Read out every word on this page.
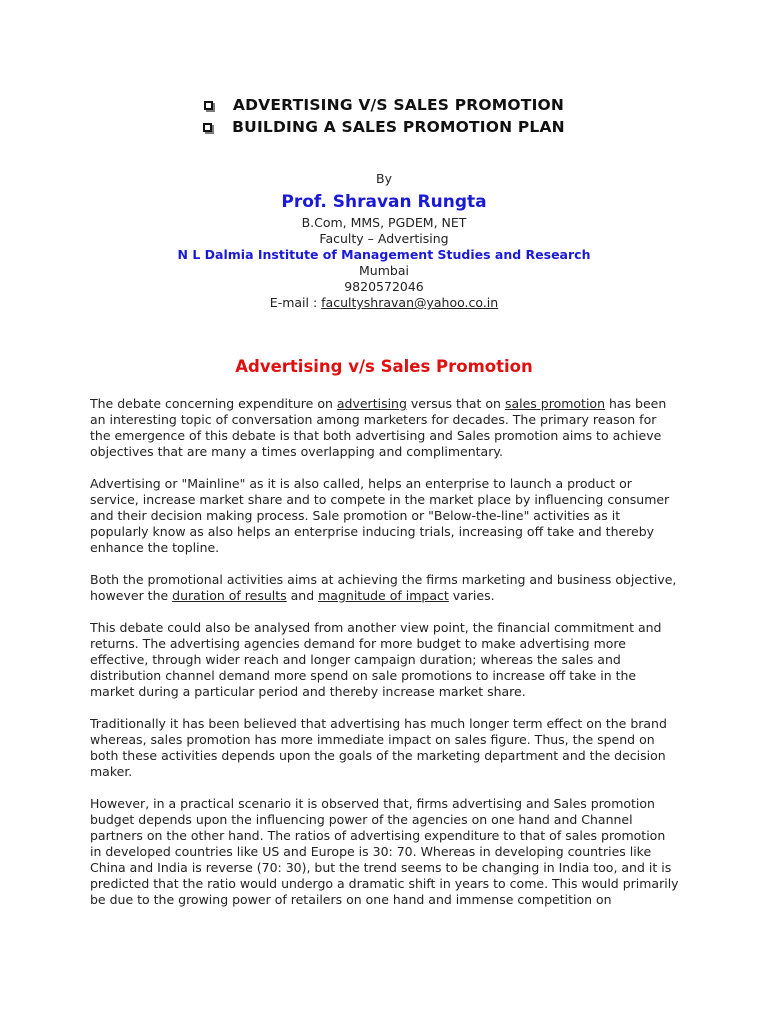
ADVERTISING V/S SALES PROMOTION
BUILDING A SALES PROMOTION PLAN
By
Prof. Shravan Rungta
B.Com, MMS, PGDEM, NET
Faculty – Advertising
N L Dalmia Institute of Management Studies and Research
Mumbai
9820572046
E-mail : facultyshravan@yahoo.co.in
Advertising v/s Sales Promotion

The debate concerning expenditure on advertising versus that on sales promotion has been an interesting topic of conversation among marketers for decades. The primary reason for the emergence of this debate is that both advertising and Sales promotion aims to achieve objectives that are many a times overlapping and complimentary.

Advertising or "Mainline" as it is also called, helps an enterprise to launch a product or service, increase market share and to compete in the market place by influencing consumer and their decision making process. Sale promotion or "Below-the-line" activities as it popularly know as also helps an enterprise inducing trials, increasing off take and thereby enhance the topline.

Both the promotional activities aims at achieving the firms marketing and business objective, however the duration of results and magnitude of impact varies.

This debate could also be analysed from another view point, the financial commitment and returns. The advertising agencies demand for more budget to make advertising more effective, through wider reach and longer campaign duration; whereas the sales and distribution channel demand more spend on sale promotions to increase off take in the market during a particular period and thereby increase market share.

Traditionally it has been believed that advertising has much longer term effect on the brand whereas, sales promotion has more immediate impact on sales figure. Thus, the spend on both these activities depends upon the goals of the marketing department and the decision maker.

However, in a practical scenario it is observed that, firms advertising and Sales promotion budget depends upon the influencing power of the agencies on one hand and Channel partners on the other hand. The ratios of advertising expenditure to that of sales promotion in developed countries like US and Europe is 30: 70. Whereas in developing countries like China and India is reverse (70: 30), but the trend seems to be changing in India too, and it is predicted that the ratio would undergo a dramatic shift in years to come. This would primarily be due to the growing power of retailers on one hand and immense competition on
